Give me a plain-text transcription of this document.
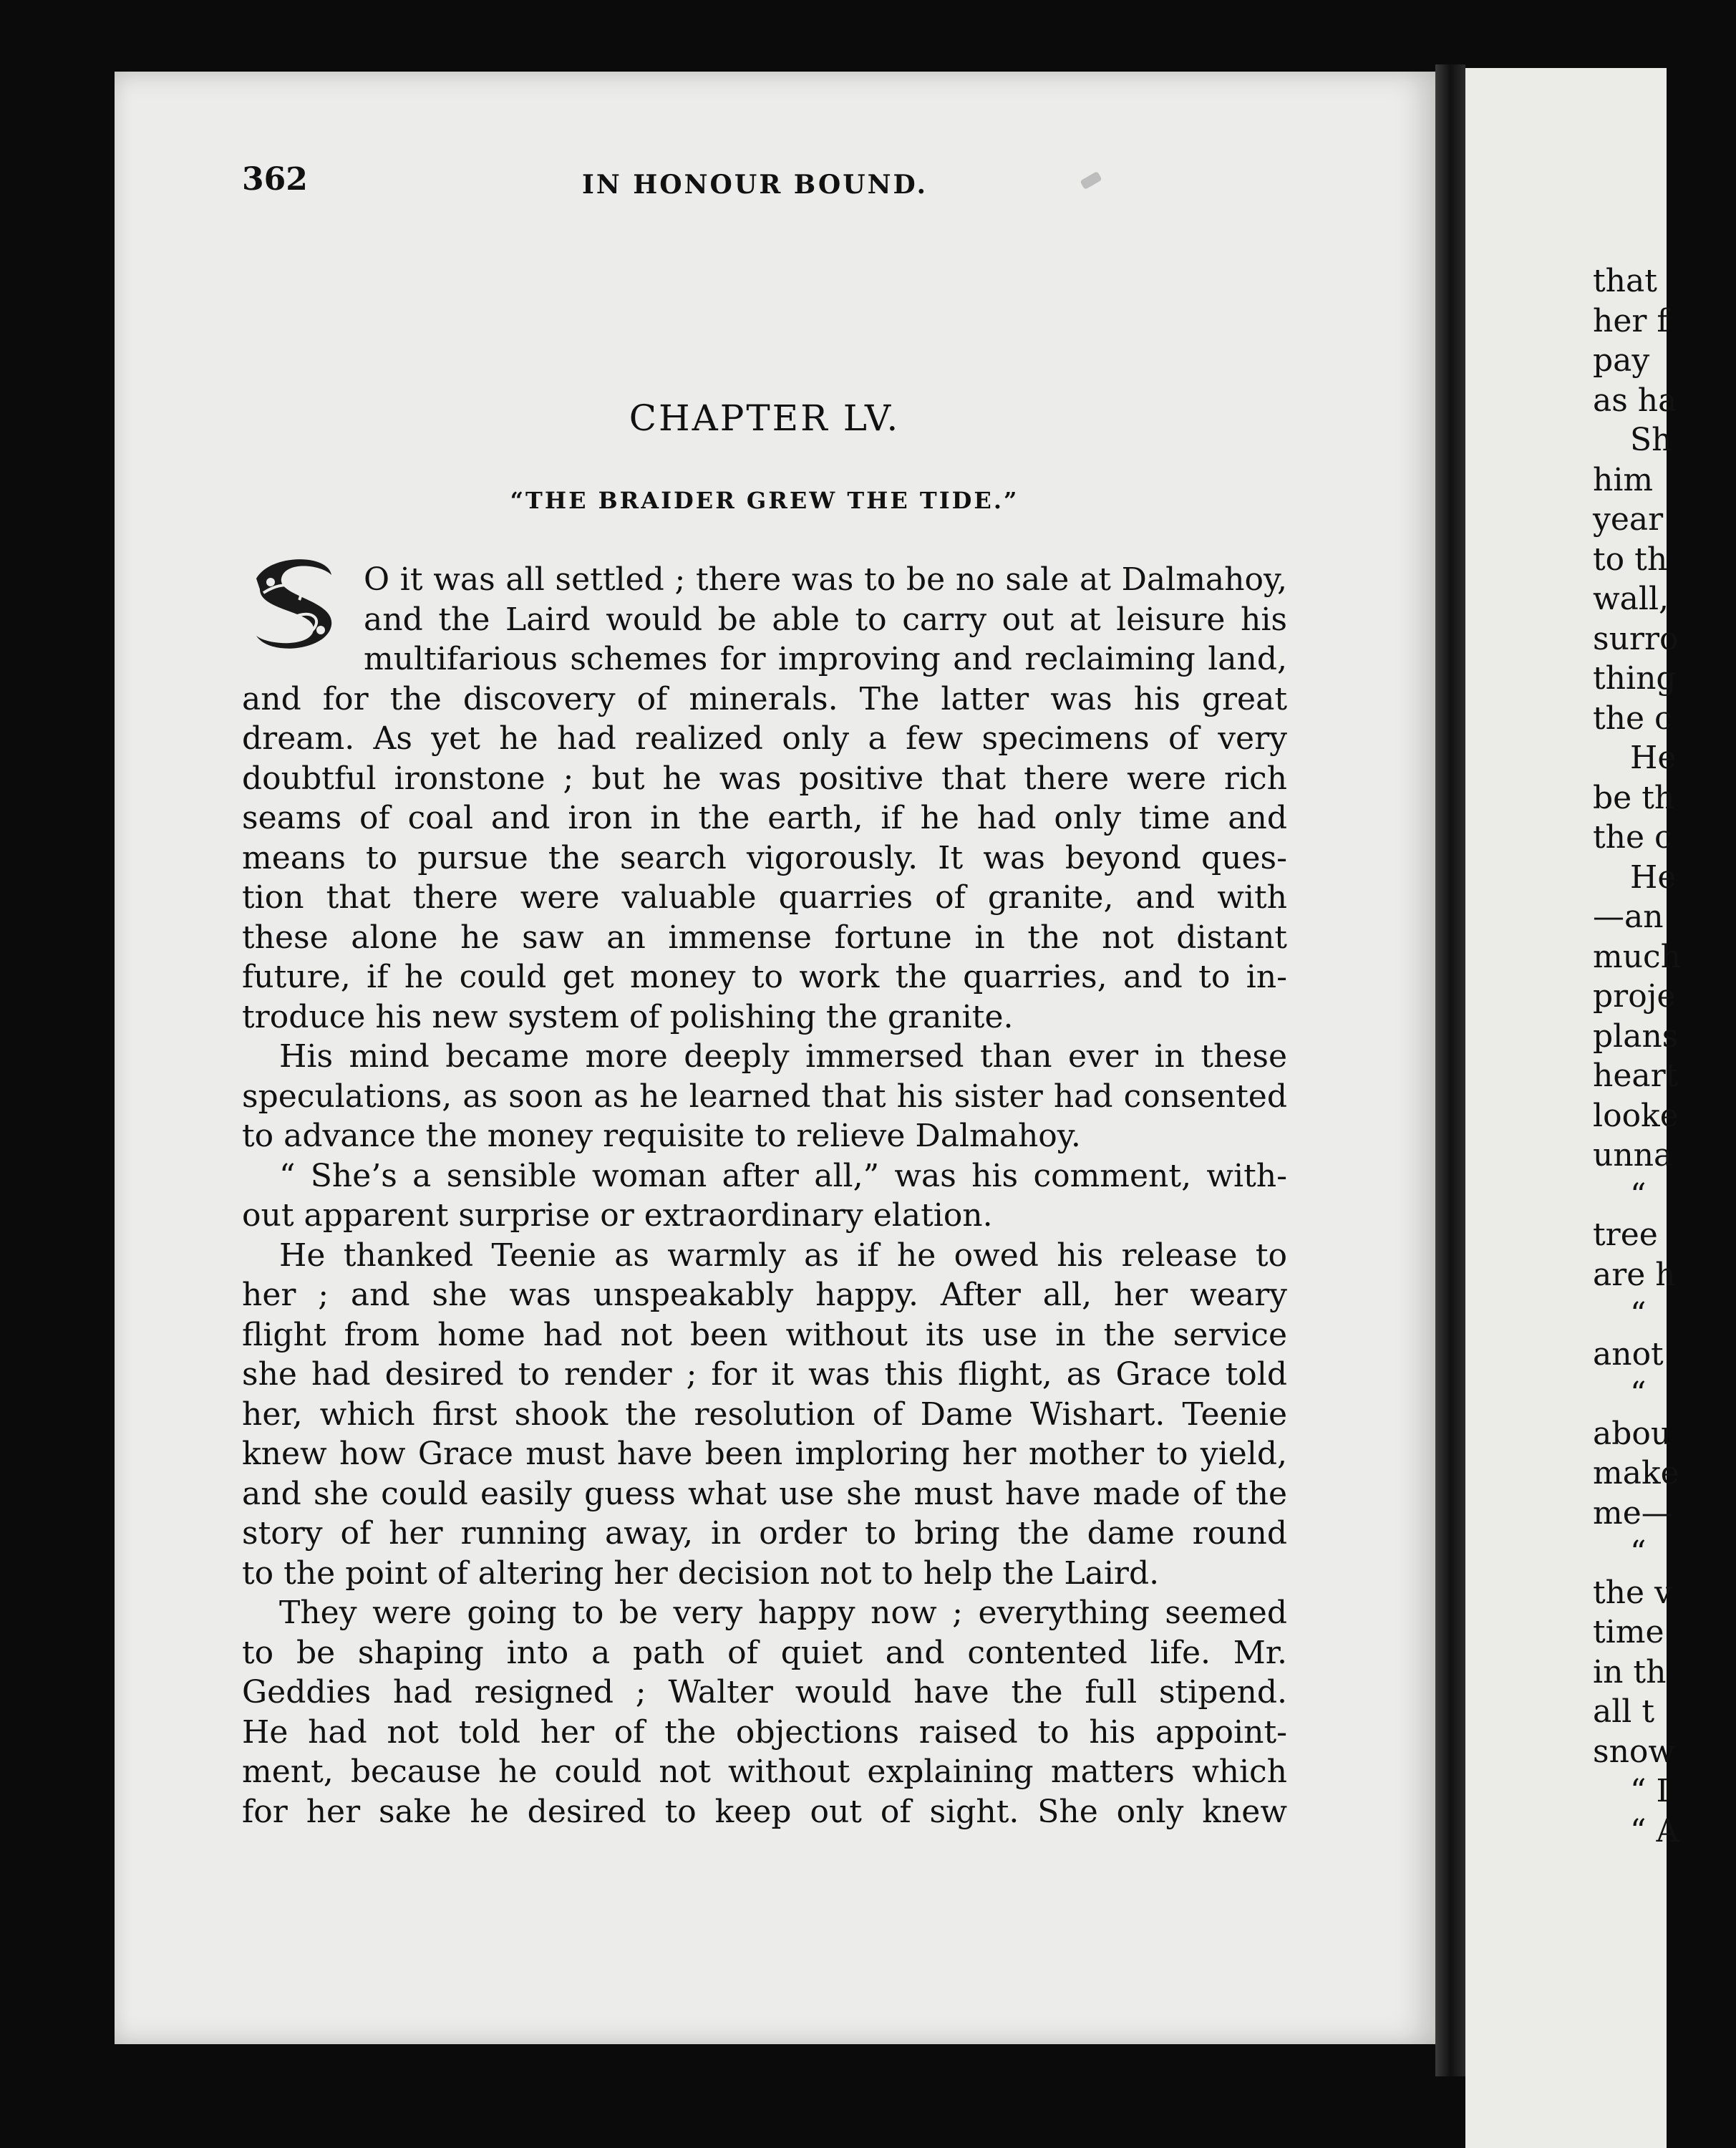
362	IN HONOUR BOUND.
CHAPTER LV.
“THE BRAIDER GREW THE TIDE.”
S	O it was all settled ; there was to be no sale at Dalmahoy,
and the Laird would be able to carry out at leisure his
multifarious schemes for improving and reclaiming land,
and for the discovery of minerals. The latter was his great
dream. As yet he had realized only a few specimens of very
doubtful ironstone ; but he was positive that there were rich
seams of coal and iron in the earth, if he had only time and
means to pursue the search vigorously. It was beyond ques-
tion that there were valuable quarries of granite, and with
these alone he saw an immense fortune in the not distant
future, if he could get money to work the quarries, and to in-
troduce his new system of polishing the granite.
His mind became more deeply immersed than ever in these
speculations, as soon as he learned that his sister had consented
to advance the money requisite to relieve Dalmahoy.
“ She’s a sensible woman after all,” was his comment, with-
out apparent surprise or extraordinary elation.
He thanked Teenie as warmly as if he owed his release to
her ; and she was unspeakably happy. After all, her weary
flight from home had not been without its use in the service
she had desired to render ; for it was this flight, as Grace told
her, which first shook the resolution of Dame Wishart. Teenie
knew how Grace must have been imploring her mother to yield,
and she could easily guess what use she must have made of the
story of her running away, in order to bring the dame round
to the point of altering her decision not to help the Laird.
They were going to be very happy now ; everything seemed
to be shaping into a path of quiet and contented life. Mr.
Geddies had resigned ; Walter would have the full stipend.
He had not told her of the objections raised to his appoint-
ment, because he could not without explaining matters which
for her sake he desired to keep out of sight. She only knew
that
her f
pay
as ha
Sh
him
year
to th
wall,
surro
thing
the c
He
be th
the c
He
—an
much
proje
plans
heart
looke
unna
“
tree
are h
“
anot
“
abou
make
me—
“
the v
time
in th
all t
snow
“ I
“ A
